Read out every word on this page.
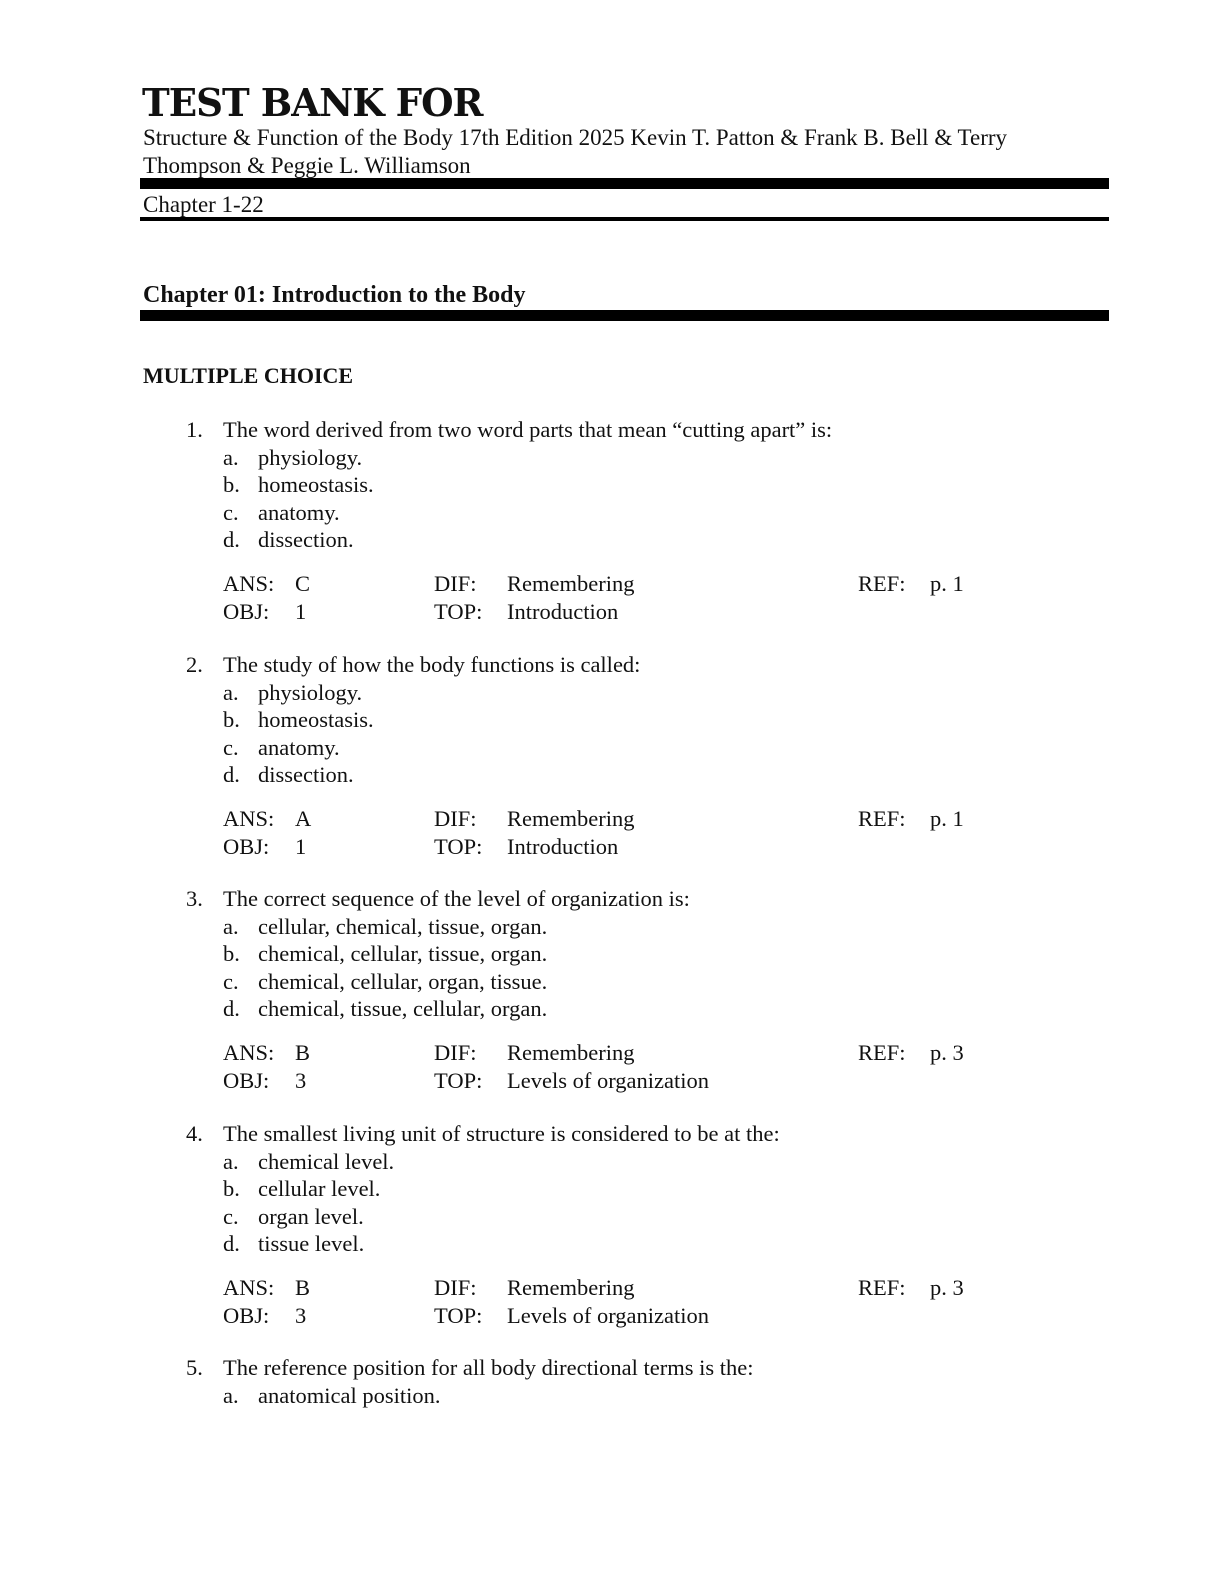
TEST BANK FOR
Structure & Function of the Body 17th Edition 2025 Kevin T. Patton & Frank B. Bell & Terry Thompson & Peggie L. Williamson
Chapter 1-22
Chapter 01: Introduction to the Body
MULTIPLE CHOICE
1. The word derived from two word parts that mean “cutting apart” is:
a. physiology.
b. homeostasis.
c. anatomy.
d. dissection.
ANS: C	DIF: Remembering	REF: p. 1
OBJ: 1	TOP: Introduction
2. The study of how the body functions is called:
a. physiology.
b. homeostasis.
c. anatomy.
d. dissection.
ANS: A	DIF: Remembering	REF: p. 1
OBJ: 1	TOP: Introduction
3. The correct sequence of the level of organization is:
a. cellular, chemical, tissue, organ.
b. chemical, cellular, tissue, organ.
c. chemical, cellular, organ, tissue.
d. chemical, tissue, cellular, organ.
ANS: B	DIF: Remembering	REF: p. 3
OBJ: 3	TOP: Levels of organization
4. The smallest living unit of structure is considered to be at the:
a. chemical level.
b. cellular level.
c. organ level.
d. tissue level.
ANS: B	DIF: Remembering	REF: p. 3
OBJ: 3	TOP: Levels of organization
5. The reference position for all body directional terms is the:
a. anatomical position.
